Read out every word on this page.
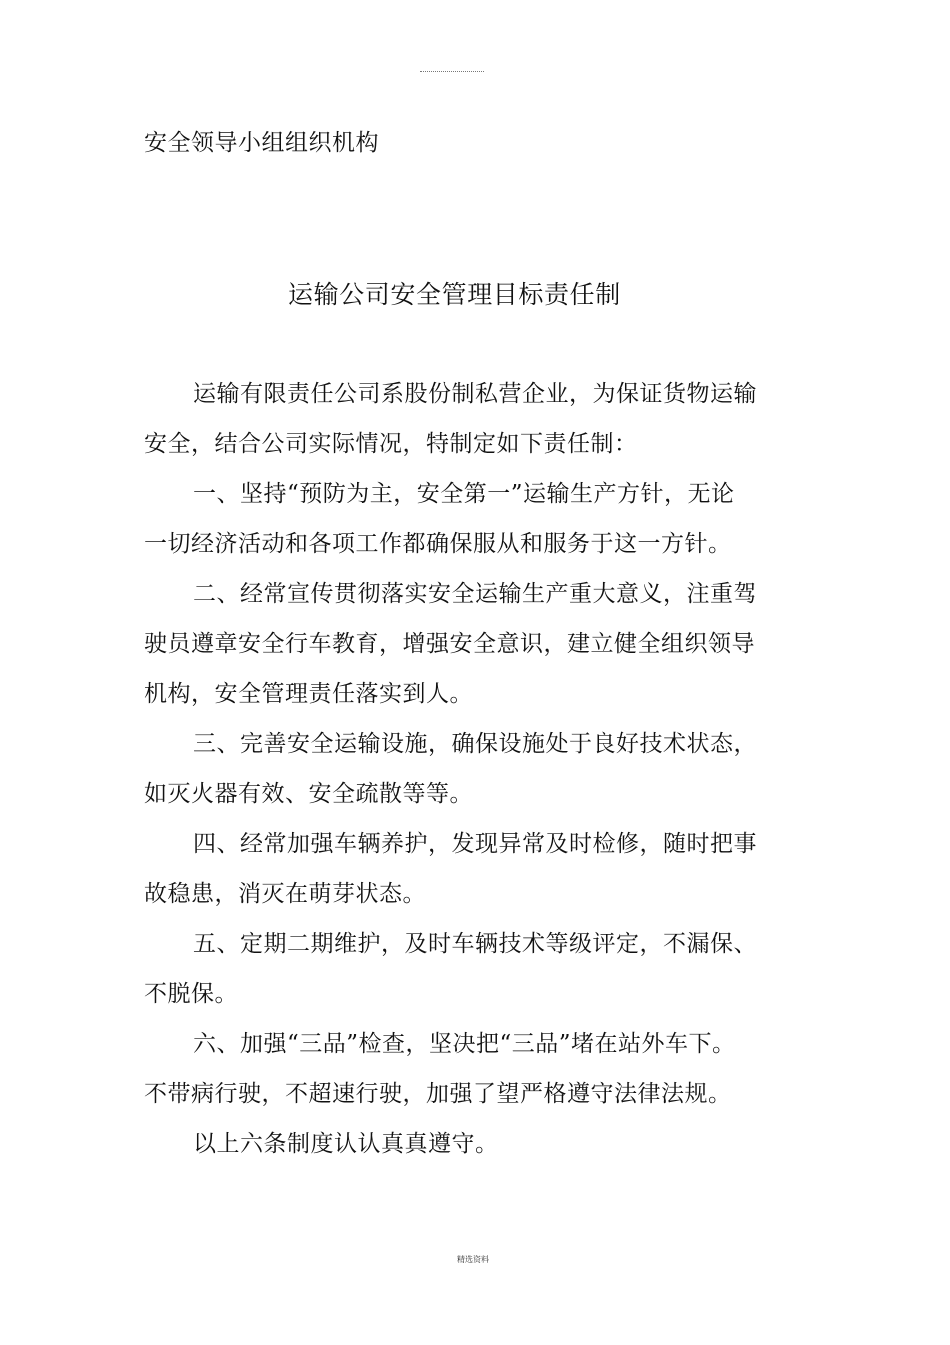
安全领导小组组织机构
运输公司安全管理目标责任制
运输有限责任公司系股份制私营企业，为保证货物运输
安全，结合公司实际情况，特制定如下责任制：
一、坚持“预防为主，安全第一”运输生产方针，无论
一切经济活动和各项工作都确保服从和服务于这一方针。
二、经常宣传贯彻落实安全运输生产重大意义，注重驾
驶员遵章安全行车教育，增强安全意识，建立健全组织领导
机构，安全管理责任落实到人。
三、完善安全运输设施，确保设施处于良好技术状态，
如灭火器有效、安全疏散等等。
四、经常加强车辆养护，发现异常及时检修，随时把事
故稳患，消灭在萌芽状态。
五、定期二期维护，及时车辆技术等级评定，不漏保、
不脱保。
六、加强“三品”检查，坚决把“三品”堵在站外车下。
不带病行驶，不超速行驶，加强了望严格遵守法律法规。
以上六条制度认认真真遵守。
精选资料
